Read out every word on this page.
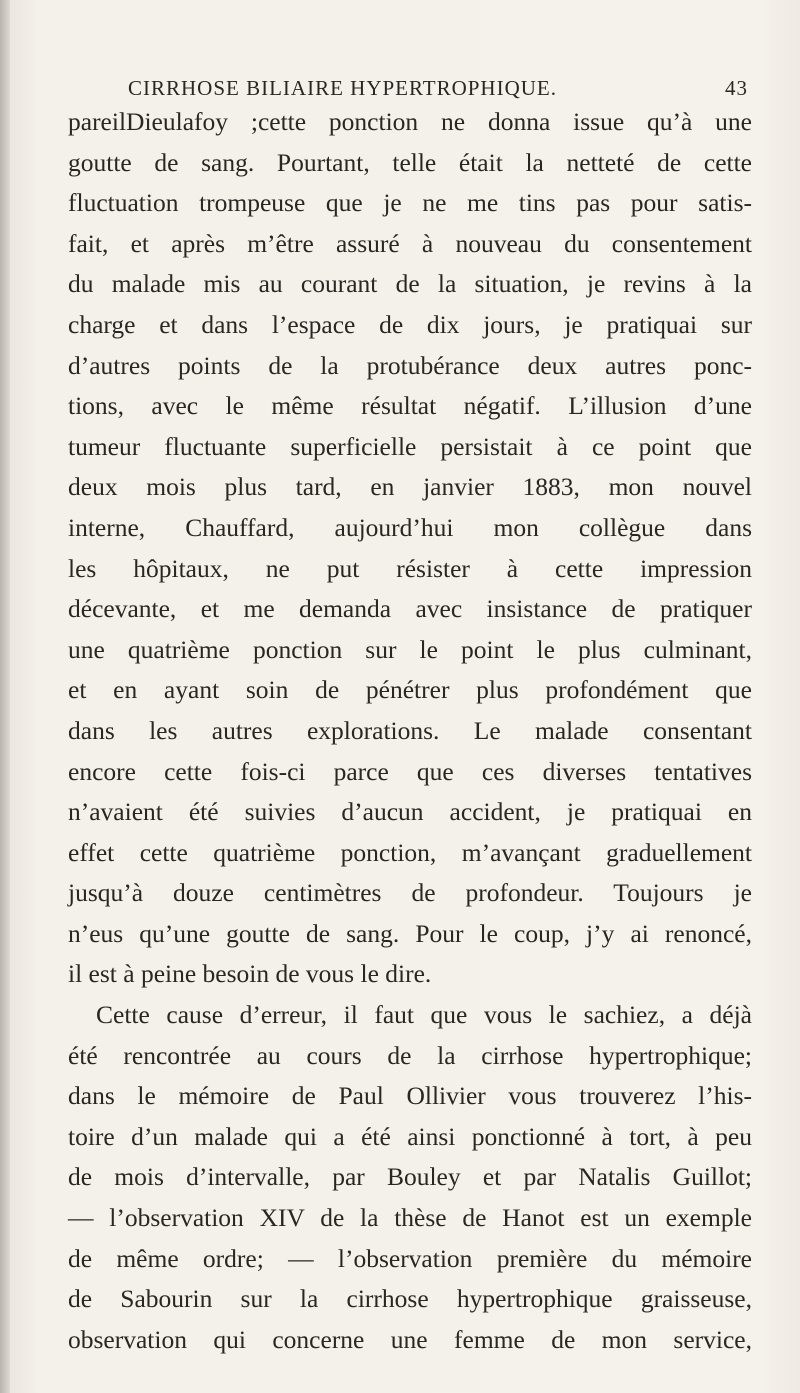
CIRRHOSE BILIAIRE HYPERTROPHIQUE.	43
pareilDieulafoy ;cette ponction ne donna issue qu’à une
goutte de sang. Pourtant, telle était la netteté de cette
fluctuation trompeuse que je ne me tins pas pour satis-
fait, et après m’être assuré à nouveau du consentement
du malade mis au courant de la situation, je revins à la
charge et dans l’espace de dix jours, je pratiquai sur
d’autres points de la protubérance deux autres ponc-
tions, avec le même résultat négatif. L’illusion d’une
tumeur fluctuante superficielle persistait à ce point que
deux mois plus tard, en janvier 1883, mon nouvel
interne, Chauffard, aujourd’hui mon collègue dans
les hôpitaux, ne put résister à cette impression
décevante, et me demanda avec insistance de pratiquer
une quatrième ponction sur le point le plus culminant,
et en ayant soin de pénétrer plus profondément que
dans les autres explorations. Le malade consentant
encore cette fois-ci parce que ces diverses tentatives
n’avaient été suivies d’aucun accident, je pratiquai en
effet cette quatrième ponction, m’avançant graduellement
jusqu’à douze centimètres de profondeur. Toujours je
n’eus qu’une goutte de sang. Pour le coup, j’y ai renoncé,
il est à peine besoin de vous le dire.
Cette cause d’erreur, il faut que vous le sachiez, a déjà
été rencontrée au cours de la cirrhose hypertrophique;
dans le mémoire de Paul Ollivier vous trouverez l’his-
toire d’un malade qui a été ainsi ponctionné à tort, à peu
de mois d’intervalle, par Bouley et par Natalis Guillot;
— l’observation XIV de la thèse de Hanot est un exemple
de même ordre; — l’observation première du mémoire
de Sabourin sur la cirrhose hypertrophique graisseuse,
observation qui concerne une femme de mon service,
